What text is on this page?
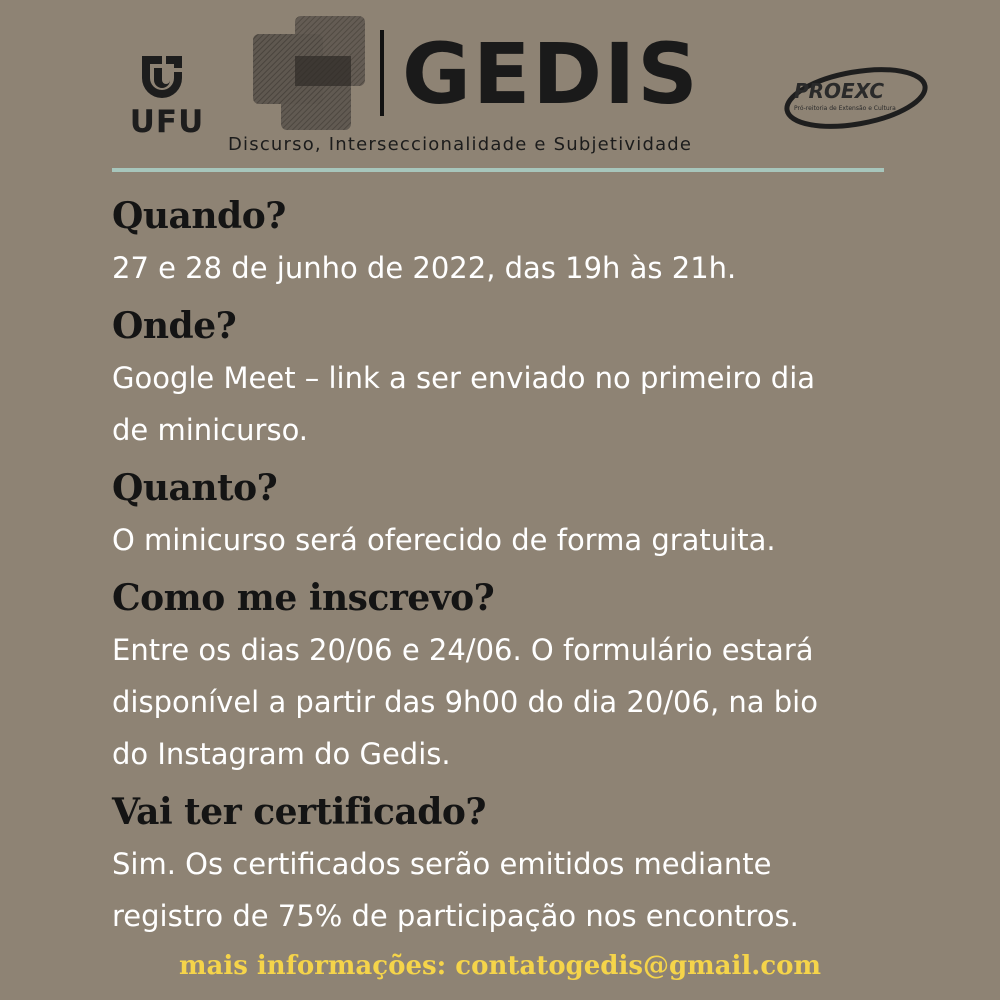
UFU GEDIS
Discurso, Interseccionalidade e Subjetividade
PROEXC
Pró-reitoria de Extensão e Cultura
Quando?

27 e 28 de junho de 2022, das 19h às 21h.

Onde?

Google Meet – link a ser enviado no primeiro dia

de minicurso.

Quanto?

O minicurso será oferecido de forma gratuita.

Como me inscrevo?

Entre os dias 20/06 e 24/06. O formulário estará

disponível a partir das 9h00 do dia 20/06, na bio

do Instagram do Gedis.

Vai ter certificado?

Sim. Os certificados serão emitidos mediante

registro de 75% de participação nos encontros.

mais informações: contatogedis@gmail.com
